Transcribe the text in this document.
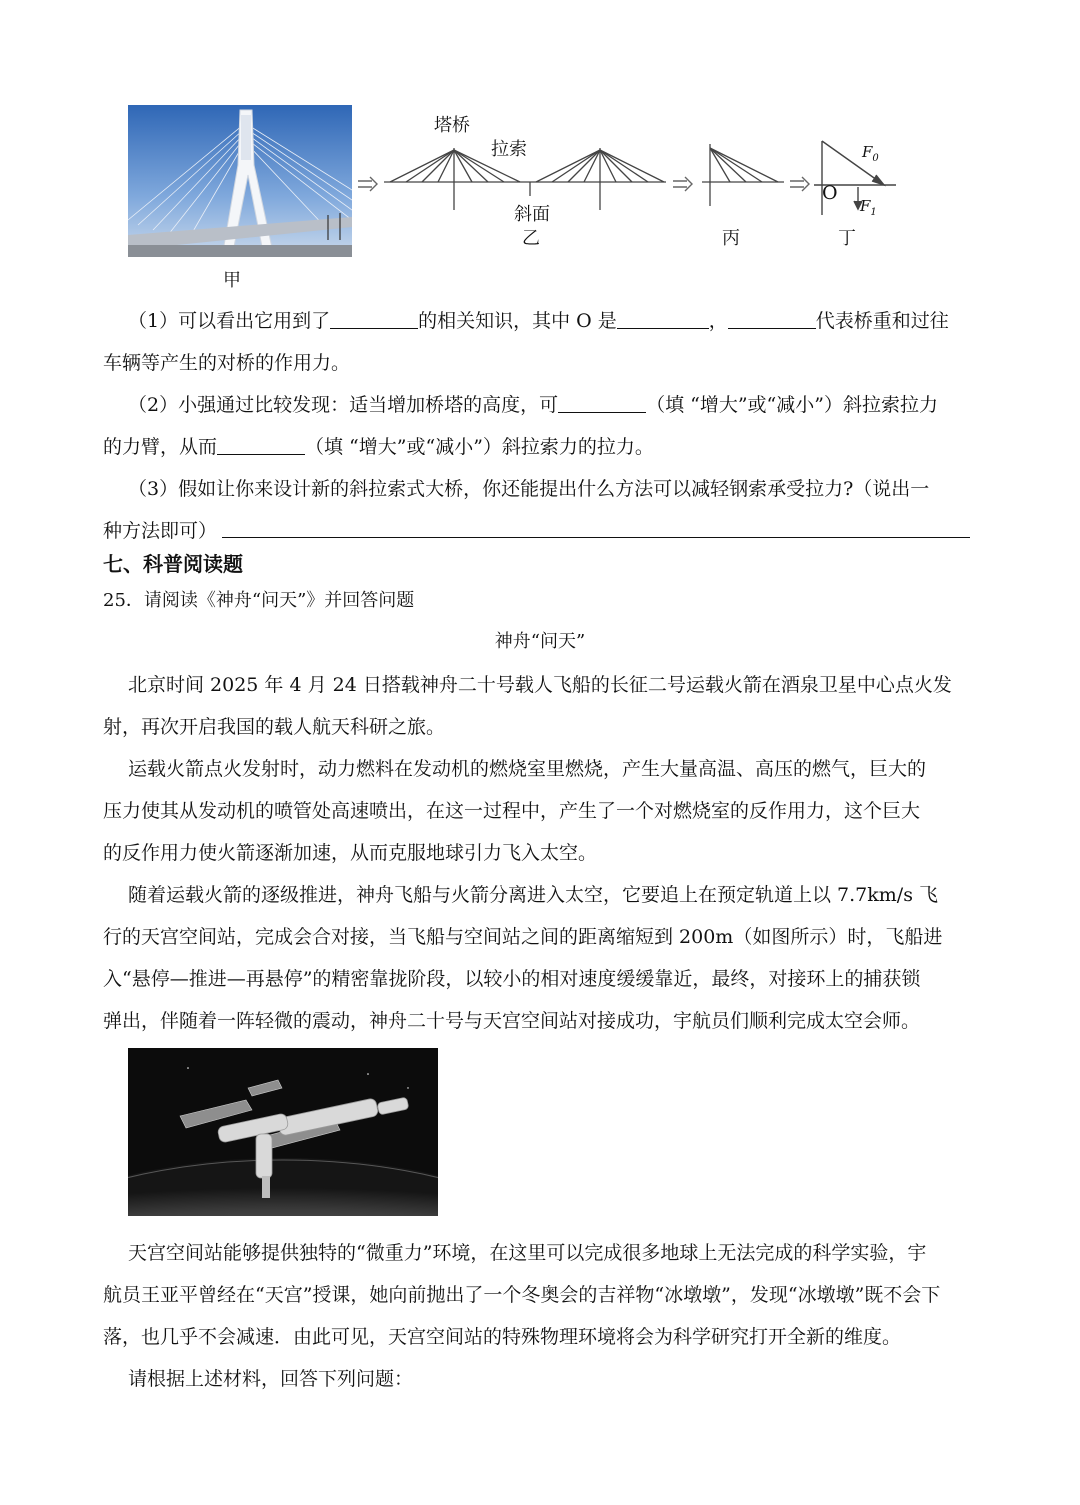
甲
塔桥
拉索
斜面
乙	丙
O
$F_0$
$F_1$
丁
（1）可以看出它用到了	的相关知识，其中 O 是	，	代表桥重和过往
车辆等产生的对桥的作用力。
（2）小强通过比较发现：适当增加桥塔的高度，可	（填 “增大”或“减小”）斜拉索拉力
的力臂，从而	（填 “增大”或“减小”）斜拉索力的拉力。
（3）假如让你来设计新的斜拉索式大桥，你还能提出什么方法可以减轻钢索承受拉力?（说出一
种方法即可）
七、科普阅读题
25．请阅读《神舟“问天”》并回答问题
神舟“问天”
北京时间 2025 年 4 月 24 日搭载神舟二十号载人飞船的长征二号运载火箭在酒泉卫星中心点火发
射，再次开启我国的载人航天科研之旅。
运载火箭点火发射时，动力燃料在发动机的燃烧室里燃烧，产生大量高温、高压的燃气，巨大的
压力使其从发动机的喷管处高速喷出，在这一过程中，产生了一个对燃烧室的反作用力，这个巨大
的反作用力使火箭逐渐加速，从而克服地球引力飞入太空。
随着运载火箭的逐级推进，神舟飞船与火箭分离进入太空，它要追上在预定轨道上以 7.7km/s 飞
行的天宫空间站，完成会合对接，当飞船与空间站之间的距离缩短到 200m（如图所示）时，飞船进
入“悬停—推进—再悬停”的精密靠拢阶段，以较小的相对速度缓缓靠近，最终，对接环上的捕获锁
弹出，伴随着一阵轻微的震动，神舟二十号与天宫空间站对接成功，宇航员们顺利完成太空会师。
天宫空间站能够提供独特的“微重力”环境，在这里可以完成很多地球上无法完成的科学实验，宇
航员王亚平曾经在“天宫”授课，她向前抛出了一个冬奥会的吉祥物“冰墩墩”，发现“冰墩墩”既不会下
落，也几乎不会减速．由此可见，天宫空间站的特殊物理环境将会为科学研究打开全新的维度。
请根据上述材料，回答下列问题：
